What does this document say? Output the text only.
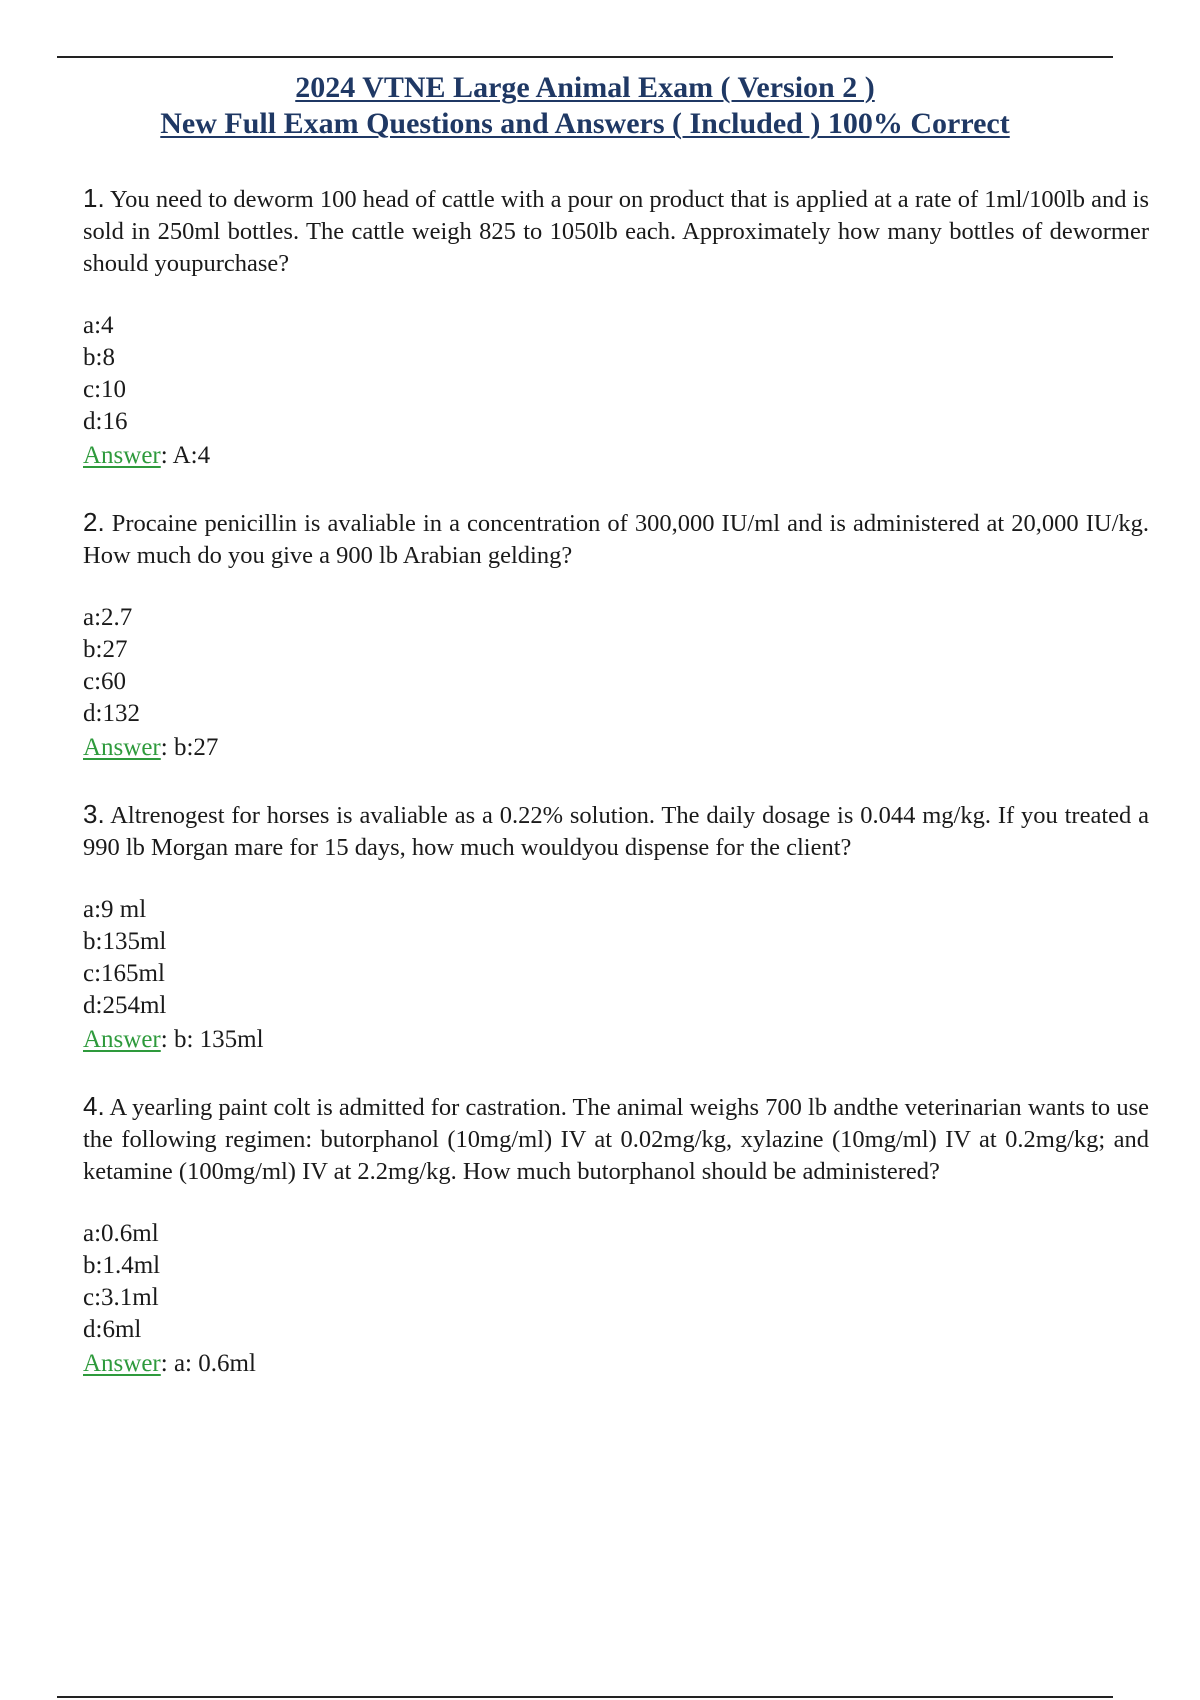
2024 VTNE Large Animal Exam ( Version 2 )
New Full Exam Questions and Answers ( Included ) 100% Correct
1. You need to deworm 100 head of cattle with a pour on product that is applied at a rate of 1ml/100lb and is sold in 250ml bottles. The cattle weigh 825 to 1050lb each. Approximately how many bottles of dewormer should youpurchase?
a:4
b:8
c:10
d:16
Answer: A:4
2. Procaine penicillin is avaliable in a concentration of 300,000 IU/ml and is administered at 20,000 IU/kg. How much do you give a 900 lb Arabian gelding?
a:2.7
b:27
c:60
d:132
Answer: b:27
3. Altrenogest for horses is avaliable as a 0.22% solution. The daily dosage is 0.044 mg/kg. If you treated a 990 lb Morgan mare for 15 days, how much wouldyou dispense for the client?
a:9 ml
b:135ml
c:165ml
d:254ml
Answer: b: 135ml
4. A yearling paint colt is admitted for castration. The animal weighs 700 lb andthe veterinarian wants to use the following regimen: butorphanol (10mg/ml) IV at 0.02mg/kg, xylazine (10mg/ml) IV at 0.2mg/kg; and ketamine (100mg/ml) IV at 2.2mg/kg. How much butorphanol should be administered?
a:0.6ml
b:1.4ml
c:3.1ml
d:6ml
Answer: a: 0.6ml
